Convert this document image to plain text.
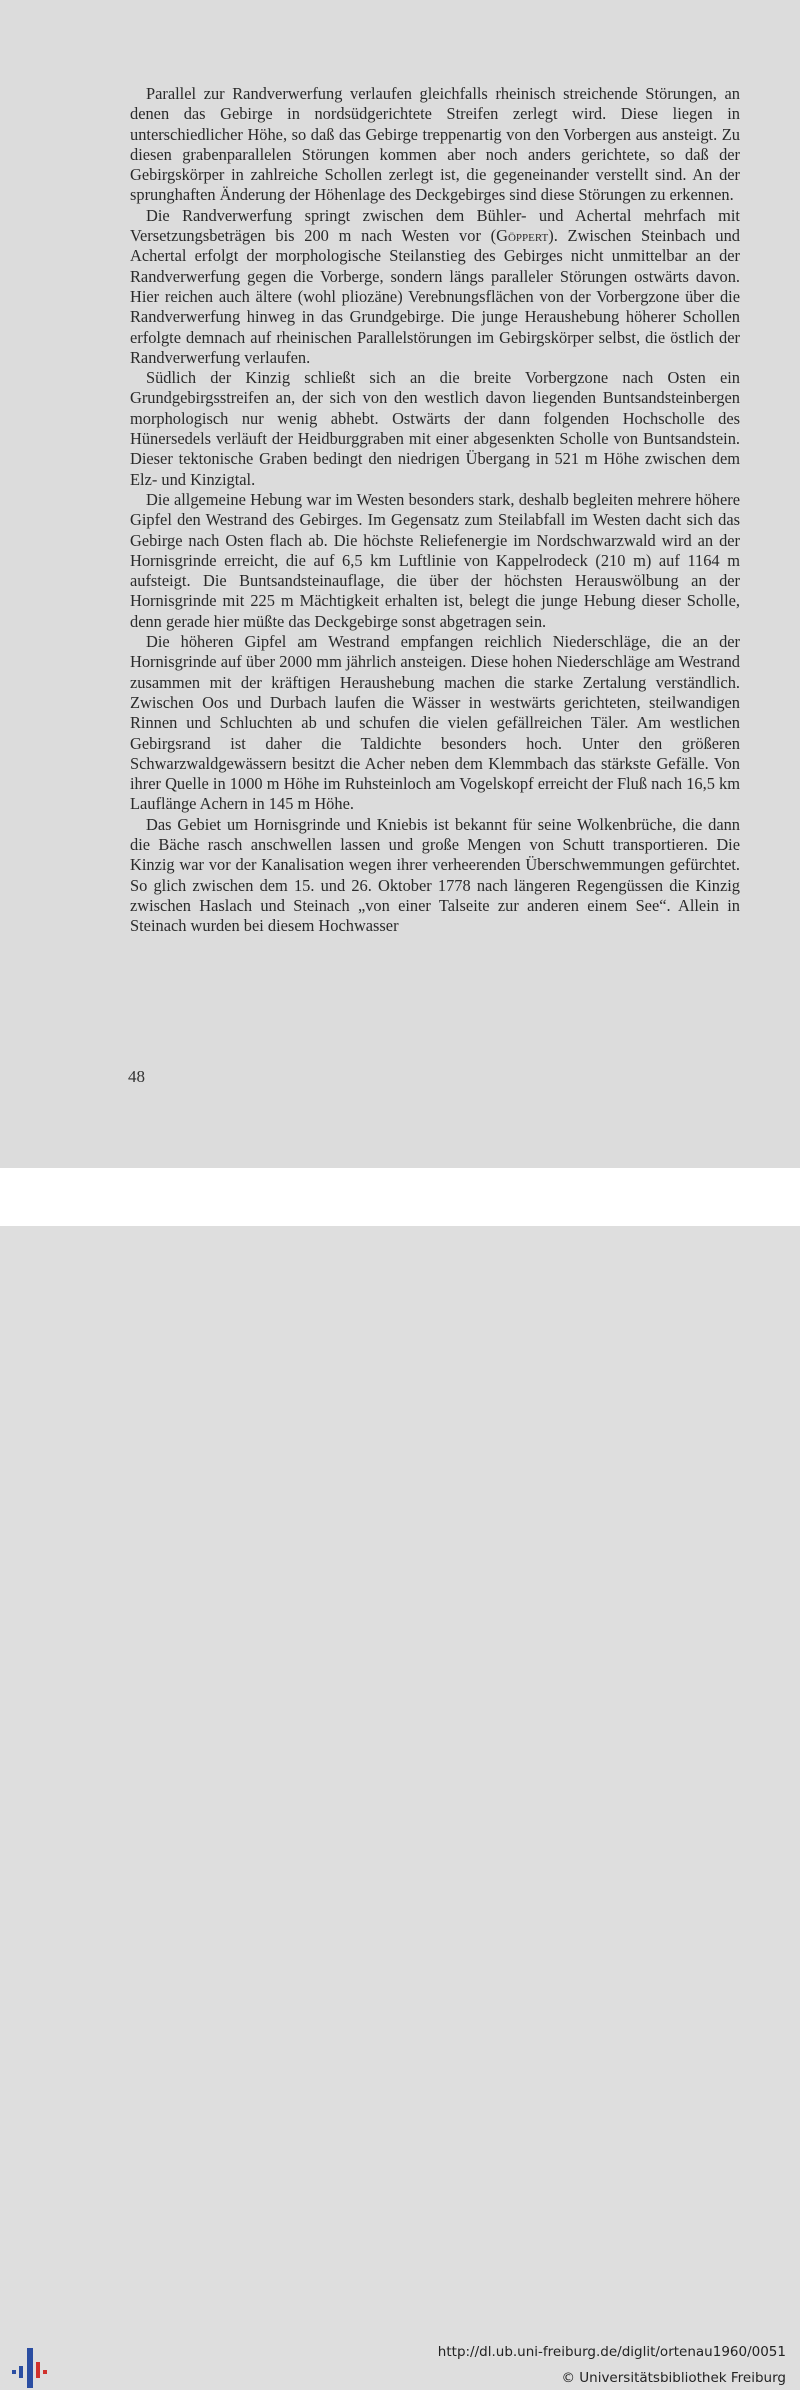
Parallel zur Randverwerfung verlaufen gleichfalls rheinisch streichende Störungen, an denen das Gebirge in nordsüdgerichtete Streifen zerlegt wird. Diese liegen in unterschiedlicher Höhe, so daß das Gebirge treppenartig von den Vorbergen aus ansteigt. Zu diesen grabenparallelen Störungen kommen aber noch anders gerichtete, so daß der Gebirgskörper in zahlreiche Schollen zerlegt ist, die gegeneinander verstellt sind. An der sprunghaften Änderung der Höhenlage des Deckgebirges sind diese Störungen zu erkennen.

Die Randverwerfung springt zwischen dem Bühler- und Achertal mehrfach mit Versetzungsbeträgen bis 200 m nach Westen vor (Göppert). Zwischen Steinbach und Achertal erfolgt der morphologische Steilanstieg des Gebirges nicht unmittelbar an der Randverwerfung gegen die Vorberge, sondern längs paralleler Störungen ostwärts davon. Hier reichen auch ältere (wohl pliozäne) Verebnungsflächen von der Vorbergzone über die Randverwerfung hinweg in das Grundgebirge. Die junge Heraushebung höherer Schollen erfolgte demnach auf rheinischen Parallelstörungen im Gebirgskörper selbst, die östlich der Randverwerfung verlaufen.

Südlich der Kinzig schließt sich an die breite Vorbergzone nach Osten ein Grundgebirgsstreifen an, der sich von den westlich davon liegenden Buntsandsteinbergen morphologisch nur wenig abhebt. Ostwärts der dann folgenden Hochscholle des Hünersedels verläuft der Heidburggraben mit einer abgesenkten Scholle von Buntsandstein. Dieser tektonische Graben bedingt den niedrigen Übergang in 521 m Höhe zwischen dem Elz- und Kinzigtal.

Die allgemeine Hebung war im Westen besonders stark, deshalb begleiten mehrere höhere Gipfel den Westrand des Gebirges. Im Gegensatz zum Steilabfall im Westen dacht sich das Gebirge nach Osten flach ab. Die höchste Reliefenergie im Nordschwarzwald wird an der Hornisgrinde erreicht, die auf 6,5 km Luftlinie von Kappelrodeck (210 m) auf 1164 m aufsteigt. Die Buntsandsteinauflage, die über der höchsten Herauswölbung an der Hornisgrinde mit 225 m Mächtigkeit erhalten ist, belegt die junge Hebung dieser Scholle, denn gerade hier müßte das Deckgebirge sonst abgetragen sein.

Die höheren Gipfel am Westrand empfangen reichlich Niederschläge, die an der Hornisgrinde auf über 2000 mm jährlich ansteigen. Diese hohen Niederschläge am Westrand zusammen mit der kräftigen Heraushebung machen die starke Zertalung verständlich. Zwischen Oos und Durbach laufen die Wässer in westwärts gerichteten, steilwandigen Rinnen und Schluchten ab und schufen die vielen gefällreichen Täler. Am westlichen Gebirgsrand ist daher die Taldichte besonders hoch. Unter den größeren Schwarzwaldgewässern besitzt die Acher neben dem Klemmbach das stärkste Gefälle. Von ihrer Quelle in 1000 m Höhe im Ruhsteinloch am Vogelskopf erreicht der Fluß nach 16,5 km Lauflänge Achern in 145 m Höhe.

Das Gebiet um Hornisgrinde und Kniebis ist bekannt für seine Wolkenbrüche, die dann die Bäche rasch anschwellen lassen und große Mengen von Schutt transportieren. Die Kinzig war vor der Kanalisation wegen ihrer verheerenden Überschwemmungen gefürchtet. So glich zwischen dem 15. und 26. Oktober 1778 nach längeren Regengüssen die Kinzig zwischen Haslach und Steinach „von einer Talseite zur anderen einem See“. Allein in Steinach wurden bei diesem Hochwasser

48
http://dl.ub.uni-freiburg.de/diglit/ortenau1960/0051
© Universitätsbibliothek Freiburg
